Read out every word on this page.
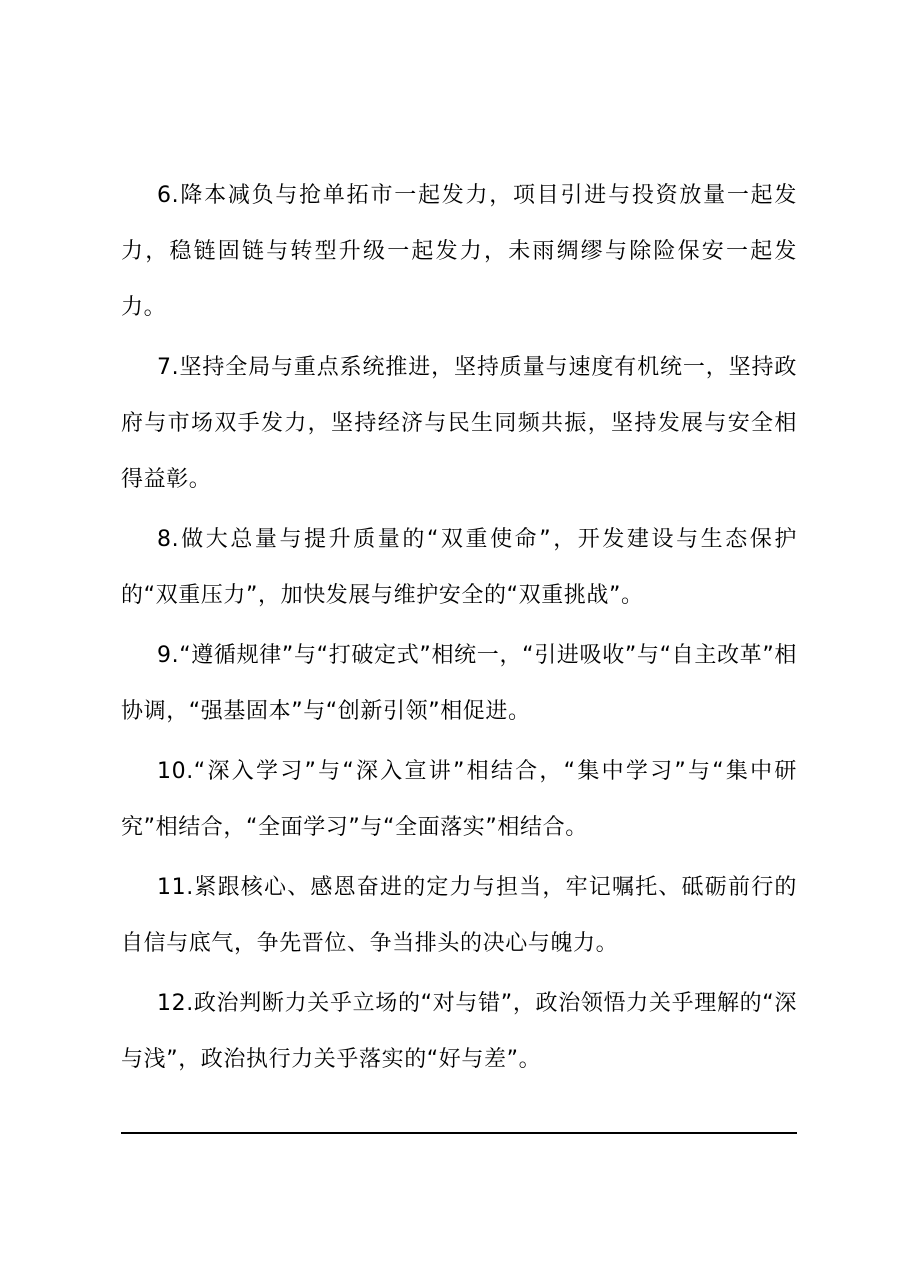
6.降本减负与抢单拓市一起发力，项目引进与投资放量一起发力，稳链固链与转型升级一起发力，未雨绸缪与除险保安一起发力。

7.坚持全局与重点系统推进，坚持质量与速度有机统一，坚持政府与市场双手发力，坚持经济与民生同频共振，坚持发展与安全相得益彰。

8.做大总量与提升质量的“双重使命”，开发建设与生态保护的“双重压力”，加快发展与维护安全的“双重挑战”。

9.“遵循规律”与“打破定式”相统一，“引进吸收”与“自主改革”相协调，“强基固本”与“创新引领”相促进。

10.“深入学习”与“深入宣讲”相结合，“集中学习”与“集中研究”相结合，“全面学习”与“全面落实”相结合。

11.紧跟核心、感恩奋进的定力与担当，牢记嘱托、砥砺前行的自信与底气，争先晋位、争当排头的决心与魄力。

12.政治判断力关乎立场的“对与错”，政治领悟力关乎理解的“深与浅”，政治执行力关乎落实的“好与差”。
